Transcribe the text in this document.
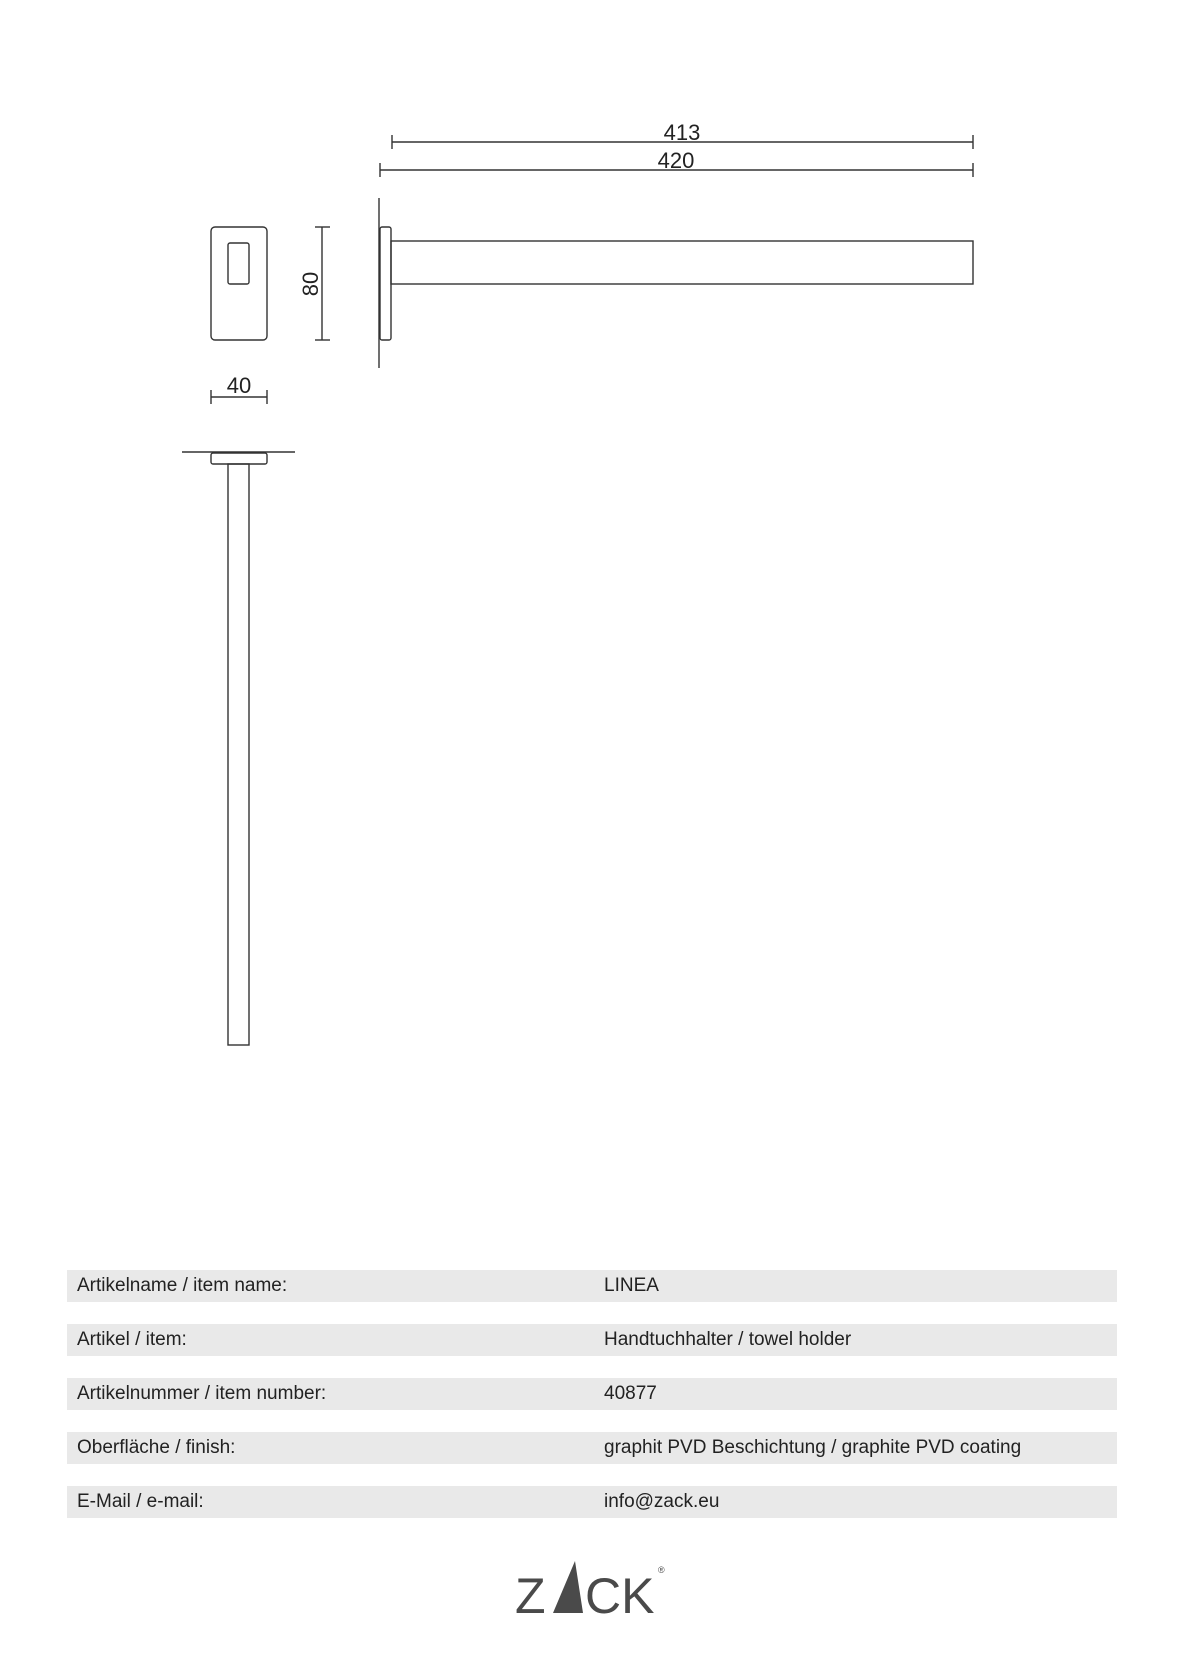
413
420
80
40
Artikelname / item name:	LINEA
Artikel / item:	Handtuchhalter / towel holder
Artikelnummer / item number:	40877
Oberfläche / finish:	graphit PVD Beschichtung / graphite PVD coating
E-Mail / e-mail:	info@zack.eu
Z CK ®
